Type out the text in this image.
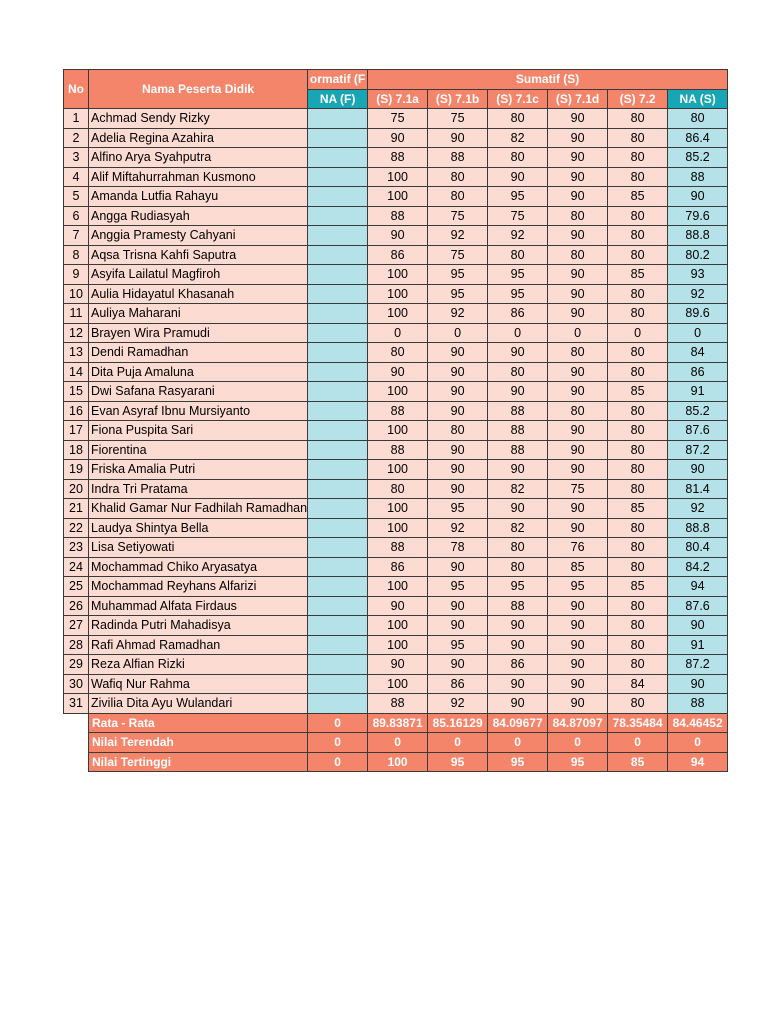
No	Nama Peserta Didik	ormatif (F	Sumatif (S)					
		NA (F)	(S) 7.1a	(S) 7.1b	(S) 7.1c	(S) 7.1d	(S) 7.2	NA (S)
1	Achmad Sendy Rizky		75	75	80	90	80	80
2	Adelia Regina Azahira		90	90	82	90	80	86.4
3	Alfino Arya Syahputra		88	88	80	90	80	85.2
4	Alif Miftahurrahman Kusmono		100	80	90	90	80	88
5	Amanda Lutfia Rahayu		100	80	95	90	85	90
6	Angga Rudiasyah		88	75	75	80	80	79.6
7	Anggia Pramesty Cahyani		90	92	92	90	80	88.8
8	Aqsa Trisna Kahfi Saputra		86	75	80	80	80	80.2
9	Asyifa Lailatul Magfiroh		100	95	95	90	85	93
10	Aulia Hidayatul Khasanah		100	95	95	90	80	92
11	Auliya Maharani		100	92	86	90	80	89.6
12	Brayen Wira Pramudi		0	0	0	0	0	0
13	Dendi Ramadhan		80	90	90	80	80	84
14	Dita Puja Amaluna		90	90	80	90	80	86
15	Dwi Safana Rasyarani		100	90	90	90	85	91
16	Evan Asyraf Ibnu Mursiyanto		88	90	88	80	80	85.2
17	Fiona Puspita Sari		100	80	88	90	80	87.6
18	Fiorentina		88	90	88	90	80	87.2
19	Friska Amalia Putri		100	90	90	90	80	90
20	Indra Tri Pratama		80	90	82	75	80	81.4
21	Khalid Gamar Nur Fadhilah Ramadhan		100	95	90	90	85	92
22	Laudya Shintya Bella		100	92	82	90	80	88.8
23	Lisa Setiyowati		88	78	80	76	80	80.4
24	Mochammad Chiko Aryasatya		86	90	80	85	80	84.2
25	Mochammad Reyhans Alfarizi		100	95	95	95	85	94
26	Muhammad Alfata Firdaus		90	90	88	90	80	87.6
27	Radinda Putri Mahadisya		100	90	90	90	80	90
28	Rafi Ahmad Ramadhan		100	95	90	90	80	91
29	Reza Alfian Rizki		90	90	86	90	80	87.2
30	Wafiq Nur Rahma		100	86	90	90	84	90
31	Zivilia Dita Ayu Wulandari		88	92	90	90	80	88
	Rata - Rata	0	89.83871	85.16129	84.09677	84.87097	78.35484	84.46452
	Nilai Terendah	0	0	0	0	0	0	0
	Nilai Tertinggi	0	100	95	95	95	85	94
